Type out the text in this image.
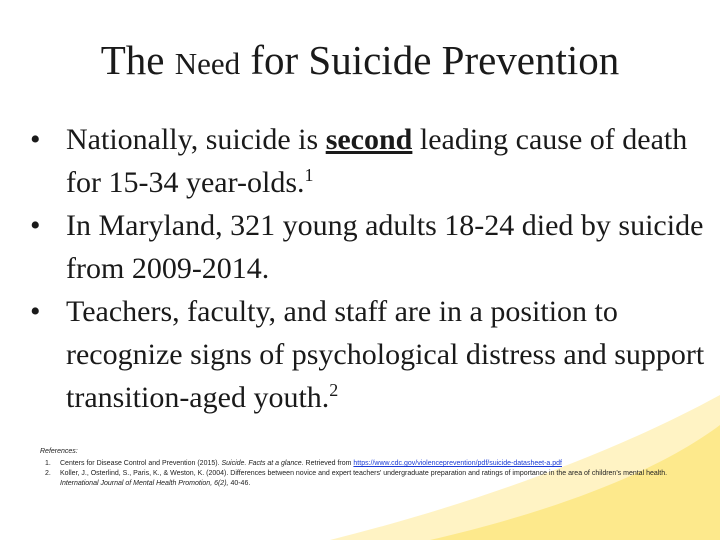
The Need for Suicide Prevention
• Nationally, suicide is second leading cause of death for 15-34 year-olds.$^1$
• In Maryland, 321 young adults 18-24 died by suicide from 2009-2014.
• Teachers, faculty, and staff are in a position to recognize signs of psychological distress and support transition-aged youth.$^2$
References:
1. Centers for Disease Control and Prevention (2015). Suicide. Facts at a glance. Retrieved from https://www.cdc.gov/violenceprevention/pdf/suicide-datasheet-a.pdf
2. Koller, J., Osterlind, S., Paris, K., & Weston, K. (2004). Differences between novice and expert teachers' undergraduate preparation and ratings of importance in the area of children's mental health. International Journal of Mental Health Promotion, 6(2), 40-46.
